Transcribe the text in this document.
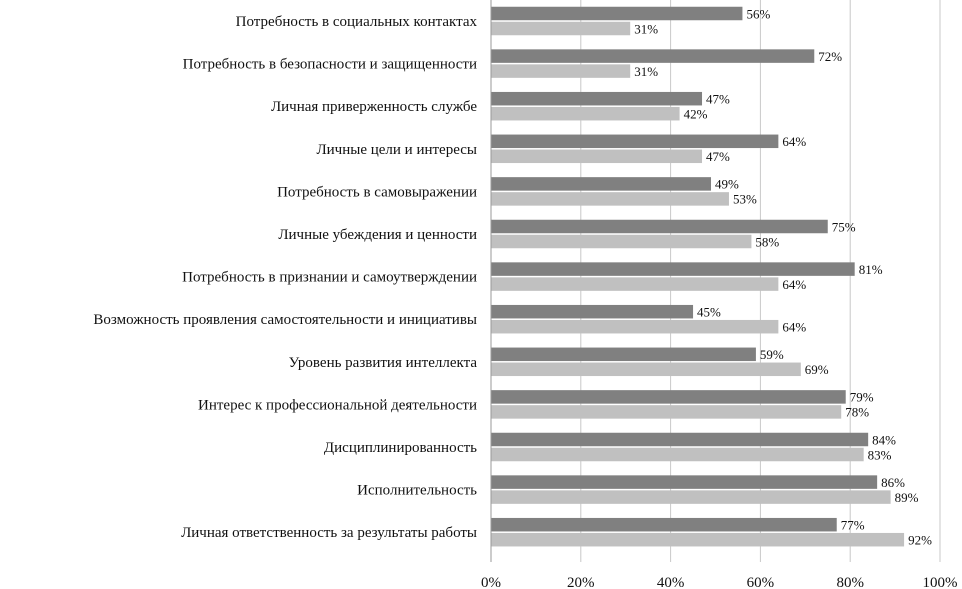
Потребность в социальных контактах
56%
31%
Потребность в безопасности и защищенности
72%
31%
Личная приверженность службе
47%
42%
Личные цели и интересы
64%
47%
Потребность в самовыражении
49%
53%
Личные убеждения и ценности
75%
58%
Потребность в признании и самоутверждении
81%
64%
Возможность проявления самостоятельности и инициативы
45%
64%
Уровень развития интеллекта
59%
69%
Интерес к профессиональной деятельности
79%
78%
Дисциплинированность
84%
83%
Исполнительность
86%
89%
Личная ответственность за результаты работы
77%
92%
0%	20%	40%	60%	80%	100%
